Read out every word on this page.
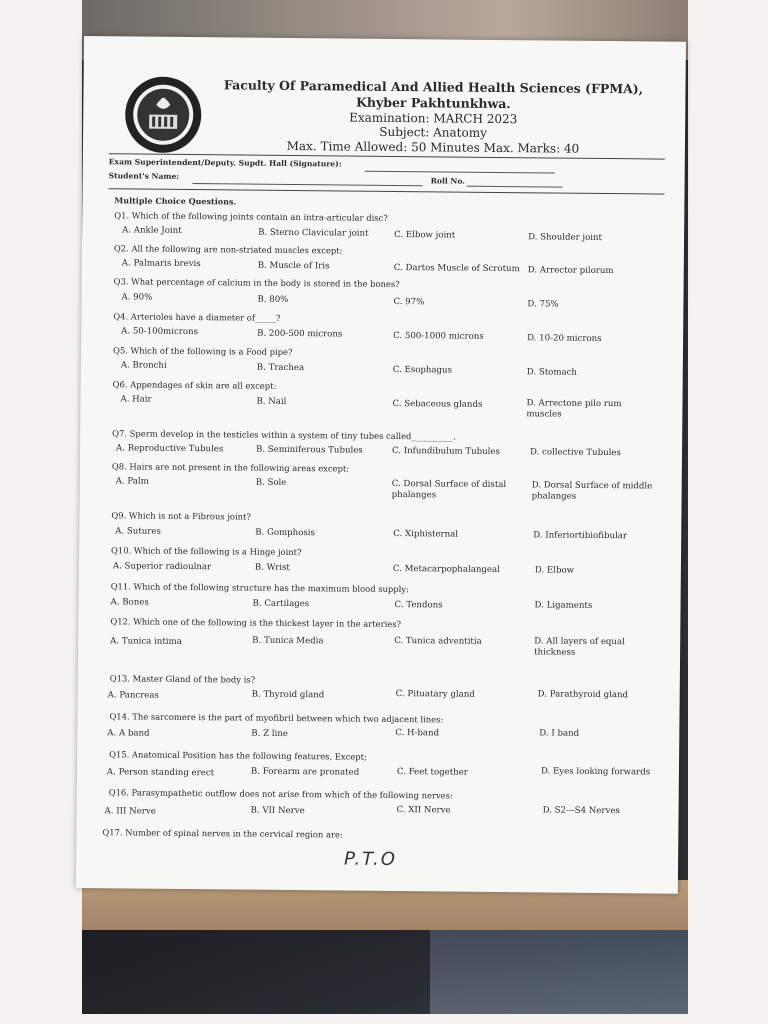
Faculty Of Paramedical And Allied Health Sciences (FPMA),
Khyber Pakhtunkhwa.
Examination: MARCH 2023
Subject: Anatomy
Max. Time Allowed: 50 Minutes Max. Marks: 40
Exam Superintendent/Deputy. Supdt. Hall (Signature):
Student's Name:
Roll No.
Multiple Choice Questions.
Q1. Which of the following joints contain an intra-articular disc?
A. Ankle Joint	B. Sterno Clavicular joint	C. Elbow joint	D. Shoulder joint
Q2. All the following are non-striated muscles except:
A. Palmaris brevis	B. Muscle of Iris	C. Dartos Muscle of Scrotum D. Arrector pilorum
Q3. What percentage of calcium in the body is stored in the bones?
A. 90%	B. 80%	C. 97%	D. 75%
Q4. Arterioles have a diameter of_____?
A. 50-100microns	B. 200-500 microns	C. 500-1000 microns	D. 10-20 microns
Q5. Which of the following is a Food pipe?
A. Bronchi	B. Trachea	C. Esophagus	D. Stomach
Q6. Appendages of skin are all except:
A. Hair	B. Nail	C. Sebaceous glands	D. Arrectone pilo rum muscles
Q7. Sperm develop in the testicles within a system of tiny tubes called__________.
A. Reproductive Tubules	B. Seminiferous Tubules	C. Infundibulum Tubules	D. collective Tubules
Q8. Hairs are not present in the following areas except:
A. Palm	B. Sole	C. Dorsal Surface of distal phalanges
D. Dorsal Surface of middle phalanges
Q9. Which is not a Fibrous joint?
A. Sutures	B. Gomphosis	C. Xiphisternal	D. Inferiortibiofibular
Q10. Which of the following is a Hinge joint?
A. Superior radioulnar	B. Wrist	C. Metacarpophalangeal	D. Elbow
Q11. Which of the following structure has the maximum blood supply:
A. Bones	B. Cartilages	C. Tendons	D. Ligaments
Q12. Which one of the following is the thickest layer in the arteries?
A. Tunica intima	B. Tunica Media	C. Tunica adventitia	D. All layers of equal thickness
Q13. Master Gland of the body is?
A. Pancreas	B. Thyroid gland	C. Pituatary gland	D. Parathyroid gland
Q14. The sarcomere is the part of myofibril between which two adjacent lines:
A. A band	B. Z line	C. H-band	D. I band
Q15. Anatomical Position has the following features, Except;
A. Person standing erect	B. Forearm are pronated	C. Feet together	D. Eyes looking forwards
Q16. Parasympathetic outflow does not arise from which of the following nerves:
A. III Nerve	B. VII Nerve	C. XII Nerve	D. S2---S4 Nerves
Q17. Number of spinal nerves in the cervical region are:
P.T.O
